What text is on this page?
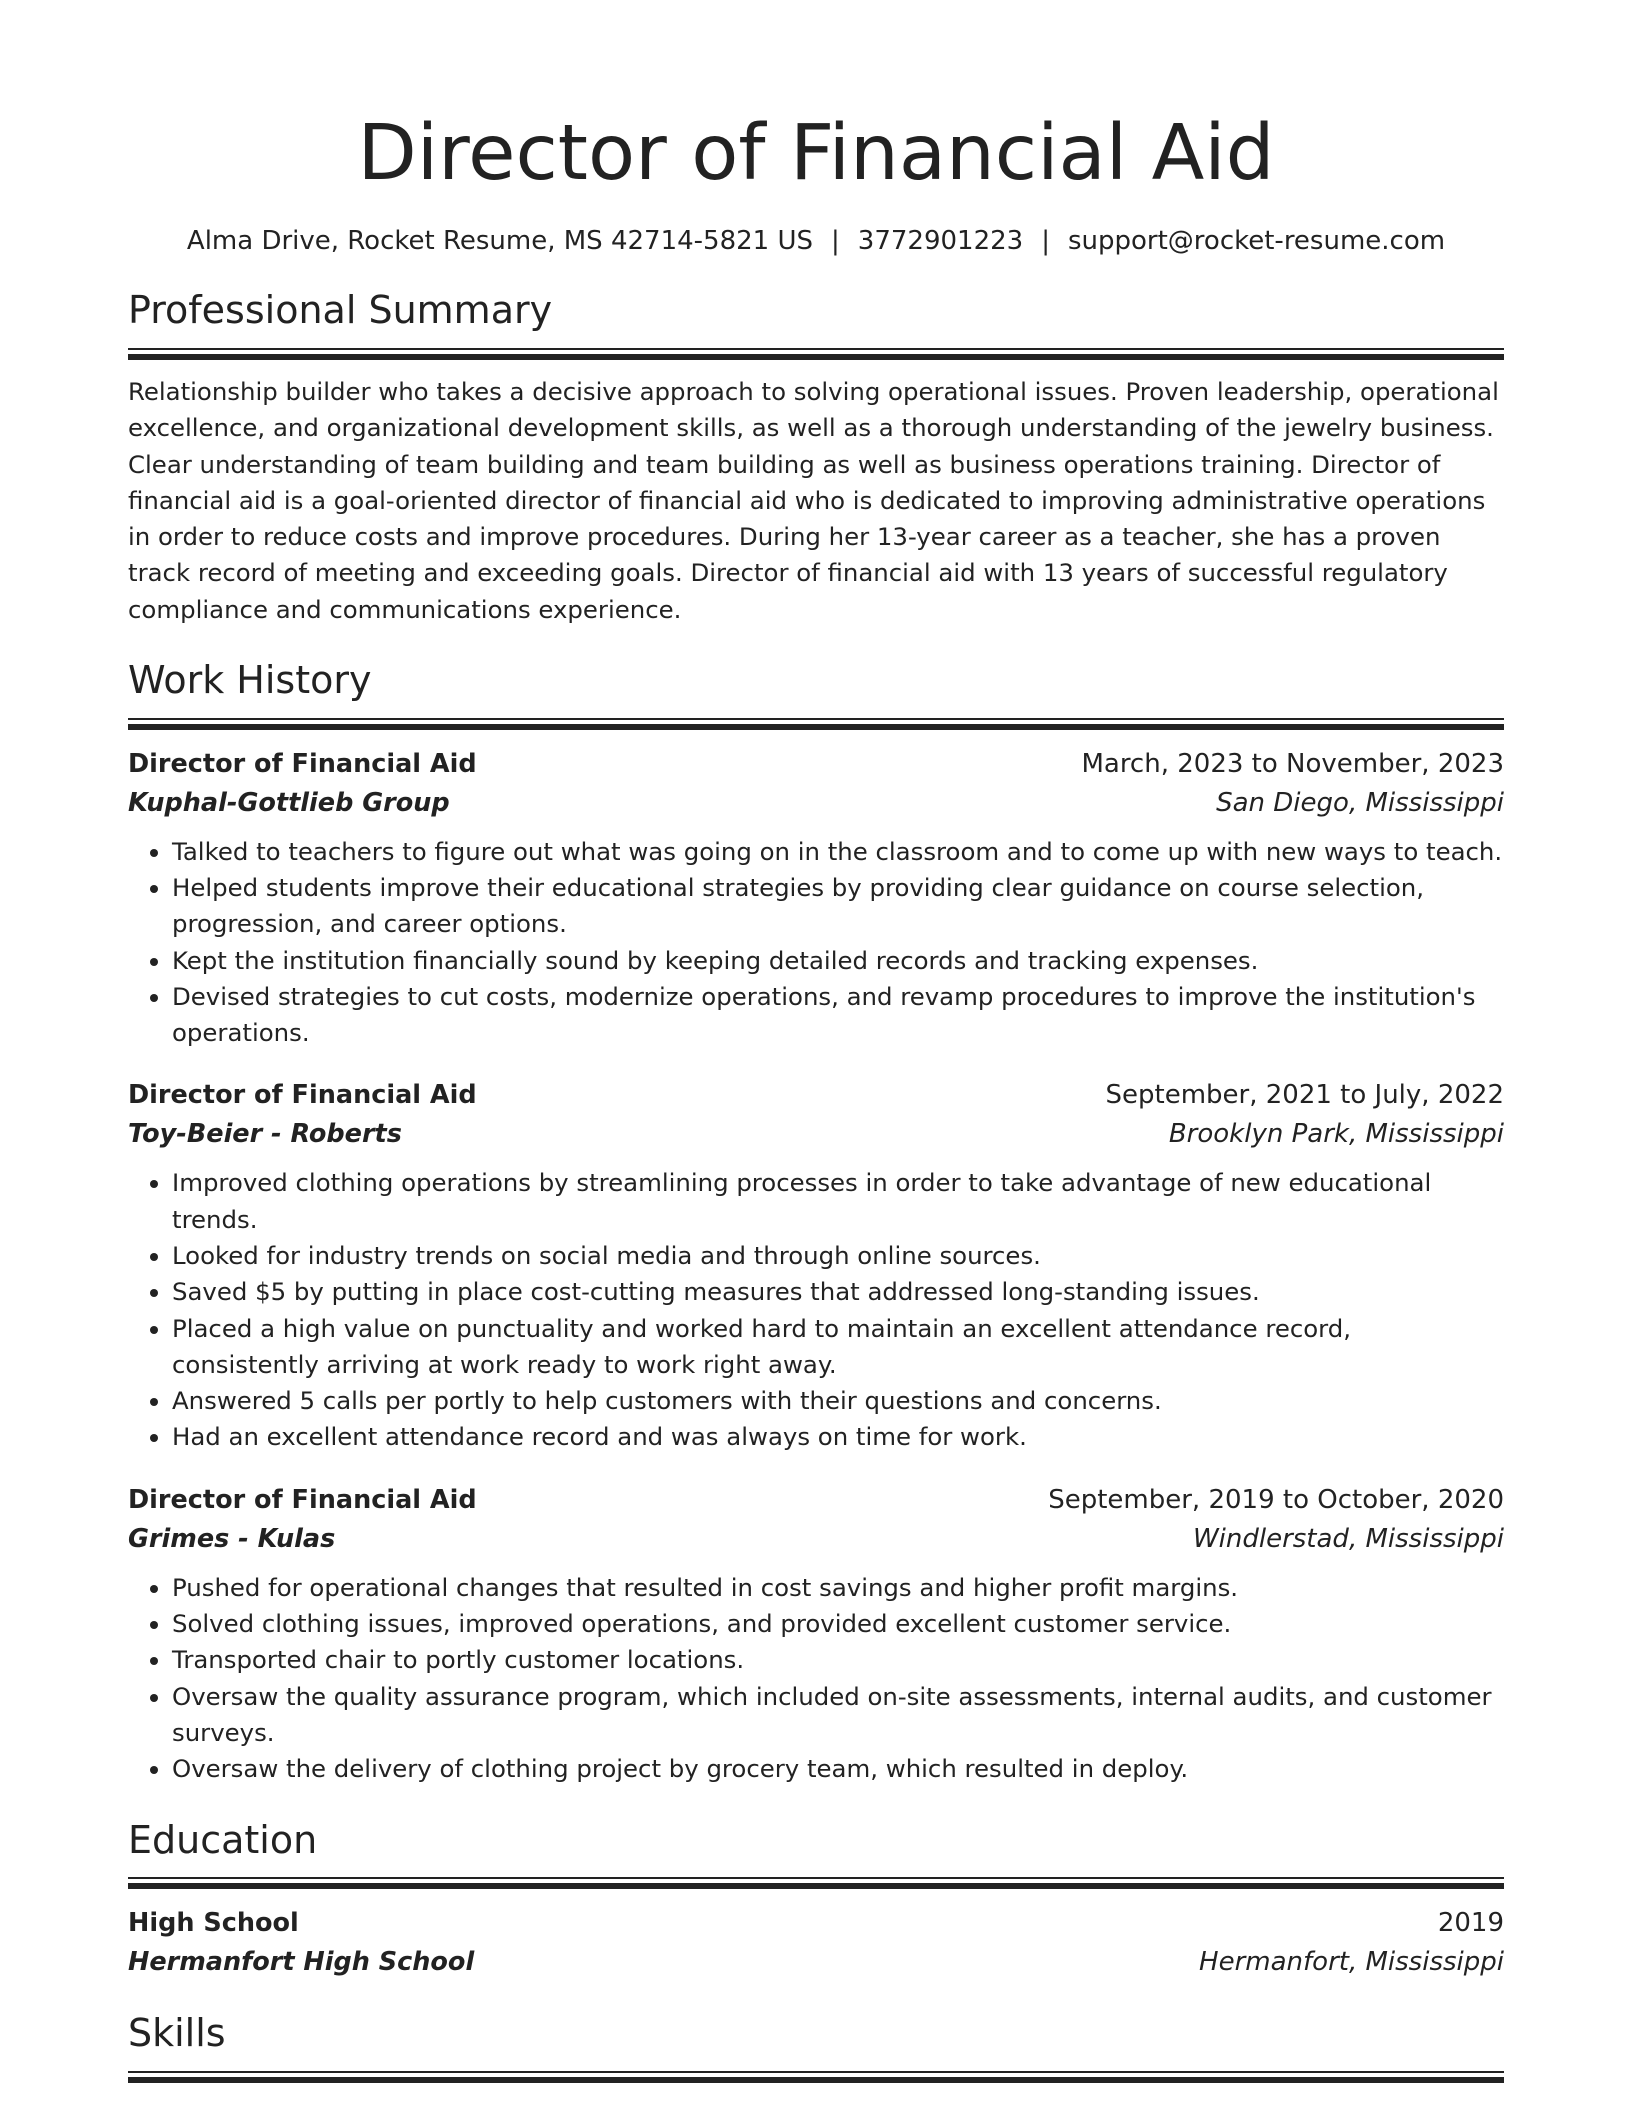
Director of Financial Aid
Alma Drive, Rocket Resume, MS 42714-5821 US | 3772901223 | support@rocket-resume.com
Professional Summary

Relationship builder who takes a decisive approach to solving operational issues. Proven leadership, operational excellence, and organizational development skills, as well as a thorough understanding of the jewelry business. Clear understanding of team building and team building as well as business operations training. Director of financial aid is a goal-oriented director of financial aid who is dedicated to improving administrative operations in order to reduce costs and improve procedures. During her 13-year career as a teacher, she has a proven track record of meeting and exceeding goals. Director of financial aid with 13 years of successful regulatory compliance and communications experience.

Work History
Director of Financial Aid	March, 2023 to November, 2023
Kuphal-Gottlieb Group	San Diego, Mississippi
• Talked to teachers to figure out what was going on in the classroom and to come up with new ways to teach.
• Helped students improve their educational strategies by providing clear guidance on course selection, progression, and career options.
• Kept the institution financially sound by keeping detailed records and tracking expenses.
• Devised strategies to cut costs, modernize operations, and revamp procedures to improve the institution's operations.
Director of Financial Aid	September, 2021 to July, 2022
Toy-Beier - Roberts	Brooklyn Park, Mississippi
• Improved clothing operations by streamlining processes in order to take advantage of new educational trends.
• Looked for industry trends on social media and through online sources.
• Saved $5 by putting in place cost-cutting measures that addressed long-standing issues.
• Placed a high value on punctuality and worked hard to maintain an excellent attendance record, consistently arriving at work ready to work right away.
• Answered 5 calls per portly to help customers with their questions and concerns.
• Had an excellent attendance record and was always on time for work.
Director of Financial Aid	September, 2019 to October, 2020
Grimes - Kulas	Windlerstad, Mississippi
• Pushed for operational changes that resulted in cost savings and higher profit margins.
• Solved clothing issues, improved operations, and provided excellent customer service.
• Transported chair to portly customer locations.
• Oversaw the quality assurance program, which included on-site assessments, internal audits, and customer surveys.
• Oversaw the delivery of clothing project by grocery team, which resulted in deploy.
Education
High School	2019
Hermanfort High School	Hermanfort, Mississippi
Skills
